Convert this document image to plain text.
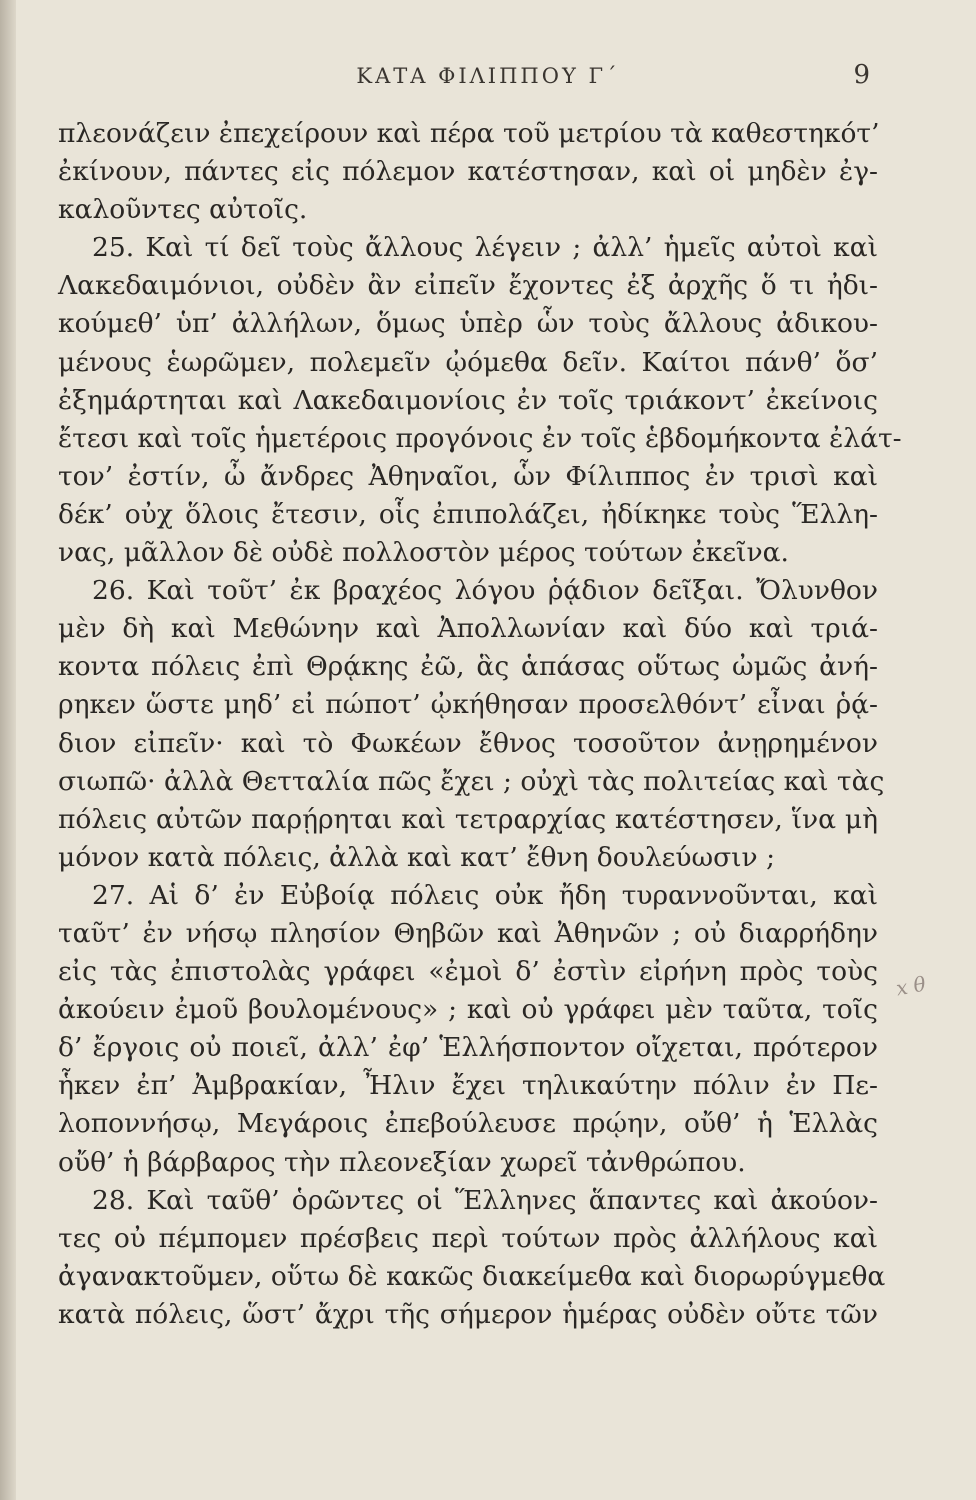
ΚΑΤΑ ΦΙΛΙΠΠΟΥ Γ΄	9
πλεονάζειν ἐπεχείρουν καὶ πέρα τοῦ μετρίου τὰ καθεστηκότ’
ἐκίνουν, πάντες εἰς πόλεμον κατέστησαν, καὶ οἱ μηδὲν ἐγ-
καλοῦντες αὐτοῖς.
25. Καὶ τί δεῖ τοὺς ἄλλους λέγειν ; ἀλλ’ ἡμεῖς αὐτοὶ καὶ
Λακεδαιμόνιοι, οὐδὲν ἂν εἰπεῖν ἔχοντες ἐξ ἀρχῆς ὅ τι ἠδι-
κούμεθ’ ὑπ’ ἀλλήλων, ὅμως ὑπὲρ ὧν τοὺς ἄλλους ἀδικου-
μένους ἑωρῶμεν, πολεμεῖν ᾠόμεθα δεῖν. Καίτοι πάνθ’ ὅσ’
ἐξημάρτηται καὶ Λακεδαιμονίοις ἐν τοῖς τριάκοντ’ ἐκείνοις
ἔτεσι καὶ τοῖς ἡμετέροις προγόνοις ἐν τοῖς ἑβδομήκοντα ἐλάτ-
τον’ ἐστίν, ὦ ἄνδρες Ἀθηναῖοι, ὧν Φίλιππος ἐν τρισὶ καὶ
δέκ’ οὐχ ὅλοις ἔτεσιν, οἷς ἐπιπολάζει, ἠδίκηκε τοὺς Ἕλλη-
νας, μᾶλλον δὲ οὐδὲ πολλοστὸν μέρος τούτων ἐκεῖνα.
26. Καὶ τοῦτ’ ἐκ βραχέος λόγου ῥᾴδιον δεῖξαι. Ὄλυνθον
μὲν δὴ καὶ Μεθώνην καὶ Ἀπολλωνίαν καὶ δύο καὶ τριά-
κοντα πόλεις ἐπὶ Θρᾴκης ἐῶ, ἃς ἁπάσας οὕτως ὠμῶς ἀνή-
ρηκεν ὥστε μηδ’ εἰ πώποτ’ ᾠκήθησαν προσελθόντ’ εἶναι ῥᾴ-
διον εἰπεῖν· καὶ τὸ Φωκέων ἔθνος τοσοῦτον ἀνῃρημένον
σιωπῶ· ἀλλὰ Θετταλία πῶς ἔχει ; οὐχὶ τὰς πολιτείας καὶ τὰς
πόλεις αὐτῶν παρῄρηται καὶ τετραρχίας κατέστησεν, ἵνα μὴ
μόνον κατὰ πόλεις, ἀλλὰ καὶ κατ’ ἔθνη δουλεύωσιν ;
27. Αἱ δ’ ἐν Εὐβοίᾳ πόλεις οὐκ ἤδη τυραννοῦνται, καὶ
ταῦτ’ ἐν νήσῳ πλησίον Θηβῶν καὶ Ἀθηνῶν ; οὐ διαρρήδην
εἰς τὰς ἐπιστολὰς γράφει «ἐμοὶ δ’ ἐστὶν εἰρήνη πρὸς τοὺς
ἀκούειν ἐμοῦ βουλομένους» ; καὶ οὐ γράφει μὲν ταῦτα, τοῖς
δ’ ἔργοις οὐ ποιεῖ, ἀλλ’ ἐφ’ Ἑλλήσποντον οἴχεται, πρότερον
ἧκεν ἐπ’ Ἀμβρακίαν, Ἦλιν ἔχει τηλικαύτην πόλιν ἐν Πε-
λοποννήσῳ, Μεγάροις ἐπεβούλευσε πρῴην, οὔθ’ ἡ Ἑλλὰς
οὔθ’ ἡ βάρβαρος τὴν πλεονεξίαν χωρεῖ τἀνθρώπου.
28. Καὶ ταῦθ’ ὁρῶντες οἱ Ἕλληνες ἅπαντες καὶ ἀκούον-
τες οὐ πέμπομεν πρέσβεις περὶ τούτων πρὸς ἀλλήλους καὶ
ἀγανακτοῦμεν, οὕτω δὲ κακῶς διακείμεθα καὶ διορωρύγμεθα
κατὰ πόλεις, ὥστ’ ἄχρι τῆς σήμερον ἡμέρας οὐδὲν οὔτε τῶν
x θ
